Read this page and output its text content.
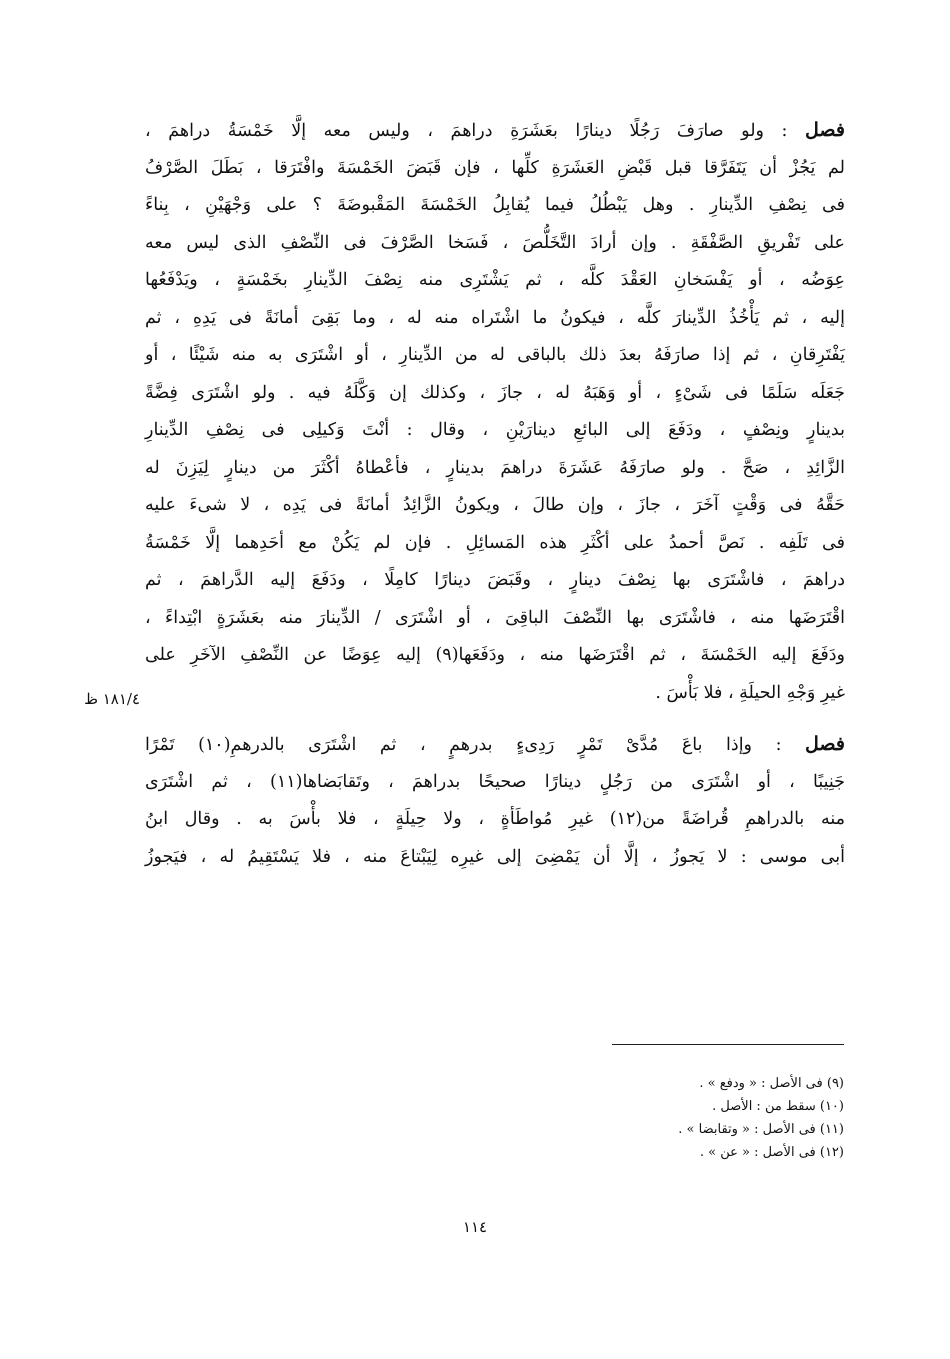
فصل : ولو صارَفَ رَجُلًا دينارًا بعَشَرَةِ دراهمَ ، وليس معه إلَّا خَمْسَةُ دراهمَ ،
لم يَجُزْ أن يَتَفَرَّقا قبل قَبْضِ العَشَرَةِ كلِّها ، فإن قَبَضَ الخَمْسَةَ وافْتَرَقا ، بَطَلَ الصَّرْفُ
فى نِصْفِ الدِّينارِ . وهل يَبْطُلُ فيما يُقابِلُ الخَمْسَةَ المَقْبوضَةَ ؟ على وَجْهَيْنِ ، بِناءً
على تَفْريقِ الصَّفْقَةِ . وإن أرادَ التَّخَلُّصَ ، فَسَخا الصَّرْفَ فى النِّصْفِ الذى ليس معه
عِوَضُه ، أو يَفْسَخانِ العَقْدَ كلَّه ، ثم يَشْتَرِى منه نِصْفَ الدِّينارِ بخَمْسَةٍ ، ويَدْفَعُها
إليه ، ثم يَأْخُذُ الدِّينارَ كلَّه ، فيكونُ ما اشْتَراه منه له ، وما بَقِىَ أمانَةً فى يَدِهِ ، ثم
يَفْتَرِقانِ ، ثم إذا صارَفَهُ بعدَ ذلك بالباقى له من الدِّينارِ ، أو اشْتَرَى به منه شَيْئًا ، أو
جَعَلَه سَلَمًا فى شَىْءٍ ، أو وَهَبَهُ له ، جازَ ، وكذلك إن وَكَّلَهُ فيه . ولو اشْتَرَى فِضَّةً
بدينارٍ ونِصْفٍ ، ودَفَعَ إلى البائعِ دينارَيْنِ ، وقال : أنْتَ وَكيلِى فى نِصْفِ الدِّينارِ
الزَّائِدِ ، صَحَّ . ولو صارَفَهُ عَشَرَةَ دراهمَ بدينارٍ ، فأعْطاهُ أكْثَرَ من دينارٍ لِيَزِنَ له
حَقَّهُ فى وَقْتٍ آخَرَ ، جازَ ، وإن طالَ ، ويكونُ الزَّائِدُ أمانَةً فى يَدِه ، لا شىءَ عليه
فى تَلَفِه . نَصَّ أحمدُ على أكْثَرِ هذه المَسائِلِ . فإن لم يَكُنْ مع أحَدِهما إلَّا خَمْسَةُ
دراهمَ ، فاشْتَرَى بها نِصْفَ دينارٍ ، وقَبَضَ دينارًا كامِلًا ، ودَفَعَ إليه الدَّراهمَ ، ثم
اقْتَرَضَها منه ، فاشْتَرَى بها النِّصْفَ الباقِىَ ، أو اشْتَرَى / الدِّينارَ منه بعَشَرَةٍ ابْتِداءً ،
ودَفَعَ إليه الخَمْسَةَ ، ثم اقْتَرَضَها منه ، ودَفَعَها(٩) إليه عِوَضًا عن النِّصْفِ الآخَرِ على
غيرِ وَجْهِ الحيلَةِ ، فلا بَأْسَ .
فصل : وإذا باعَ مُدَّىْ تَمْرٍ رَدِىءٍ بدرهمٍ ، ثم اشْتَرَى بالدرهمِ(١٠) تَمْرًا
جَنِيبًا ، أو اشْتَرَى من رَجُلٍ دينارًا صحيحًا بدراهمَ ، وتَقابَضاها(١١) ، ثم اشْتَرَى
منه بالدراهمِ قُراضَةً من(١٢) غيرِ مُواطَأةٍ ، ولا حِيلَةٍ ، فلا بأْسَ به . وقال ابنُ
أبى موسى : لا يَجوزُ ، إلَّا أن يَمْضِىَ إلى غيرِه لِيَبْتاعَ منه ، فلا يَسْتَقِيمُ له ، فيَجوزُ
١٨١/٤ ظ
(٩) فى الأصل : « ودفع » .
(١٠) سقط من : الأصل .
(١١) فى الأصل : « وتقابضا » .
(١٢) فى الأصل : « عن » .
١١٤
